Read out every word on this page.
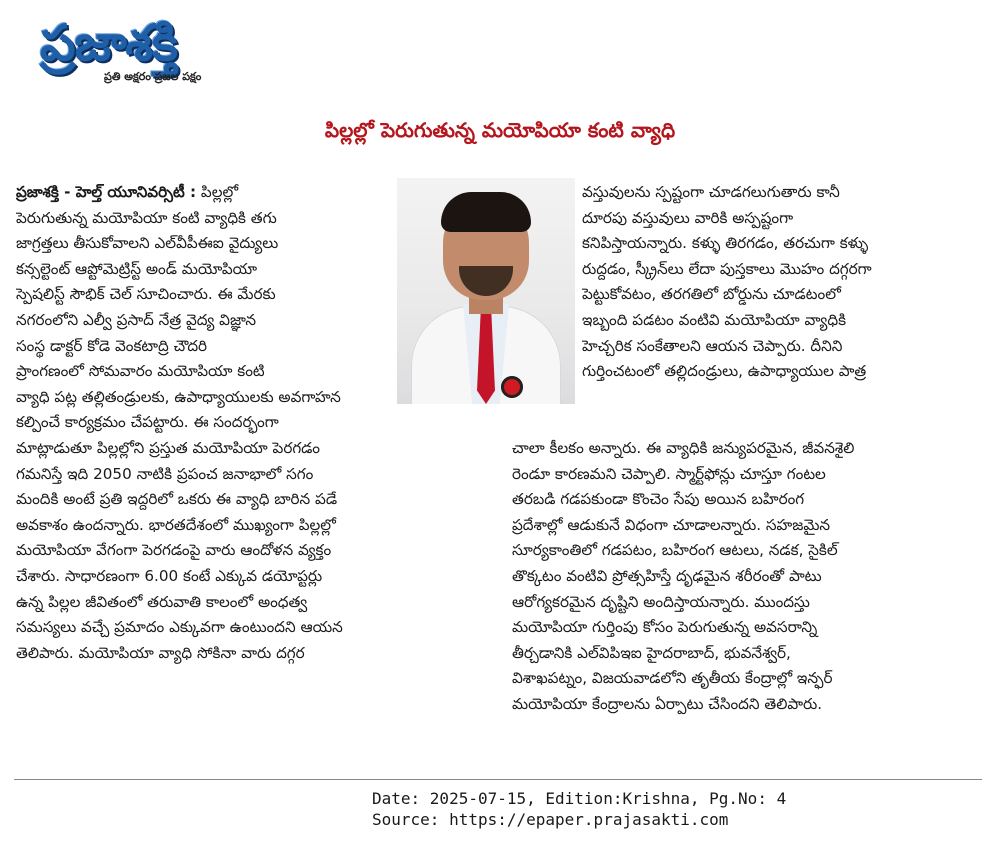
ప్రజాశక్తి
ప్రతి అక్షరం ప్రజల పక్షం
పిల్లల్లో పెరుగుతున్న మయోపియా కంటి వ్యాధి
ప్రజాశక్తి - హెల్త్ యూనివర్సిటీ : పిల్లల్లో
పెరుగుతున్న మయోపియా కంటి వ్యాధికి తగు
జాగ్రత్తలు తీసుకోవాలని ఎల్‌వీపీఈఐ వైద్యులు
కన్సల్టెంట్ ఆప్టోమెట్రిస్ట్ అండ్ మయోపియా
స్పెషలిస్ట్ సౌభిక్ చెల్ సూచించారు. ఈ మేరకు
నగరంలోని ఎల్వీ ప్రసాద్ నేత్ర వైద్య విజ్ఞాన
సంస్థ డాక్టర్ కోడె వెంకటాద్రి చౌదరి
ప్రాంగణంలో సోమవారం మయోపియా కంటి
వ్యాధి పట్ల తల్లితండ్రులకు, ఉపాధ్యాయులకు అవగాహన
కల్పించే కార్యక్రమం చేపట్టారు. ఈ సందర్భంగా
మాట్లాడుతూ పిల్లల్లోని ప్రస్తుత మయోపియా పెరగడం
గమనిస్తే ఇది 2050 నాటికి ప్రపంచ జనాభాలో సగం
మందికి అంటే ప్రతి ఇద్దరిలో ఒకరు ఈ వ్యాధి బారిన పడే
అవకాశం ఉందన్నారు. భారతదేశంలో ముఖ్యంగా పిల్లల్లో
మయోపియా వేగంగా పెరగడంపై వారు ఆందోళన వ్యక్తం
చేశారు. సాధారణంగా 6.00 కంటే ఎక్కువ డయోప్టర్లు
ఉన్న పిల్లల జీవితంలో తరువాతి కాలంలో అంధత్వ
సమస్యలు వచ్చే ప్రమాదం ఎక్కువగా ఉంటుందని ఆయన
తెలిపారు. మయోపియా వ్యాధి సోకినా వారు దగ్గర
వస్తువులను స్పష్టంగా చూడగలుగుతారు కానీ
దూరపు వస్తువులు వారికి అస్పష్టంగా
కనిపిస్తాయన్నారు. కళ్ళు తిరగడం, తరచుగా కళ్ళు
రుద్దడం, స్క్రీన్‌లు లేదా పుస్తకాలు మొహం దగ్గరగా
పెట్టుకోవటం, తరగతిలో బోర్డును చూడటంలో
ఇబ్బంది పడటం వంటివి మయోపియా వ్యాధికి
హెచ్చరిక సంకేతాలని ఆయన చెప్పారు. దీనిని
గుర్తించటంలో తల్లిదండ్రులు, ఉపాధ్యాయుల పాత్ర
చాలా కీలకం అన్నారు. ఈ వ్యాధికి జన్యుపరమైన, జీవనశైలి
రెండూ కారణమని చెప్పాలి. స్మార్ట్‌ఫోన్లు చూస్తూ గంటల
తరబడి గడపకుండా కొంచెం సేపు అయిన బహిరంగ
ప్రదేశాల్లో ఆడుకునే విధంగా చూడాలన్నారు. సహజమైన
సూర్యకాంతిలో గడపటం, బహిరంగ ఆటలు, నడక, సైకిల్
తొక్కటం వంటివి ప్రోత్సహిస్తే దృఢమైన శరీరంతో పాటు
ఆరోగ్యకరమైన దృష్టిని అందిస్తాయన్నారు. ముందస్తు
మయోపియా గుర్తింపు కోసం పెరుగుతున్న అవసరాన్ని
తీర్చడానికి ఎల్‌విపిఇఐ హైదరాబాద్, భువనేశ్వర్,
విశాఖపట్నం, విజయవాడలోని తృతీయ కేంద్రాల్లో ఇన్ఫర్
మయోపియా కేంద్రాలను ఏర్పాటు చేసిందని తెలిపారు.
Date: 2025-07-15, Edition:Krishna, Pg.No: 4
Source: https://epaper.prajasakti.com
